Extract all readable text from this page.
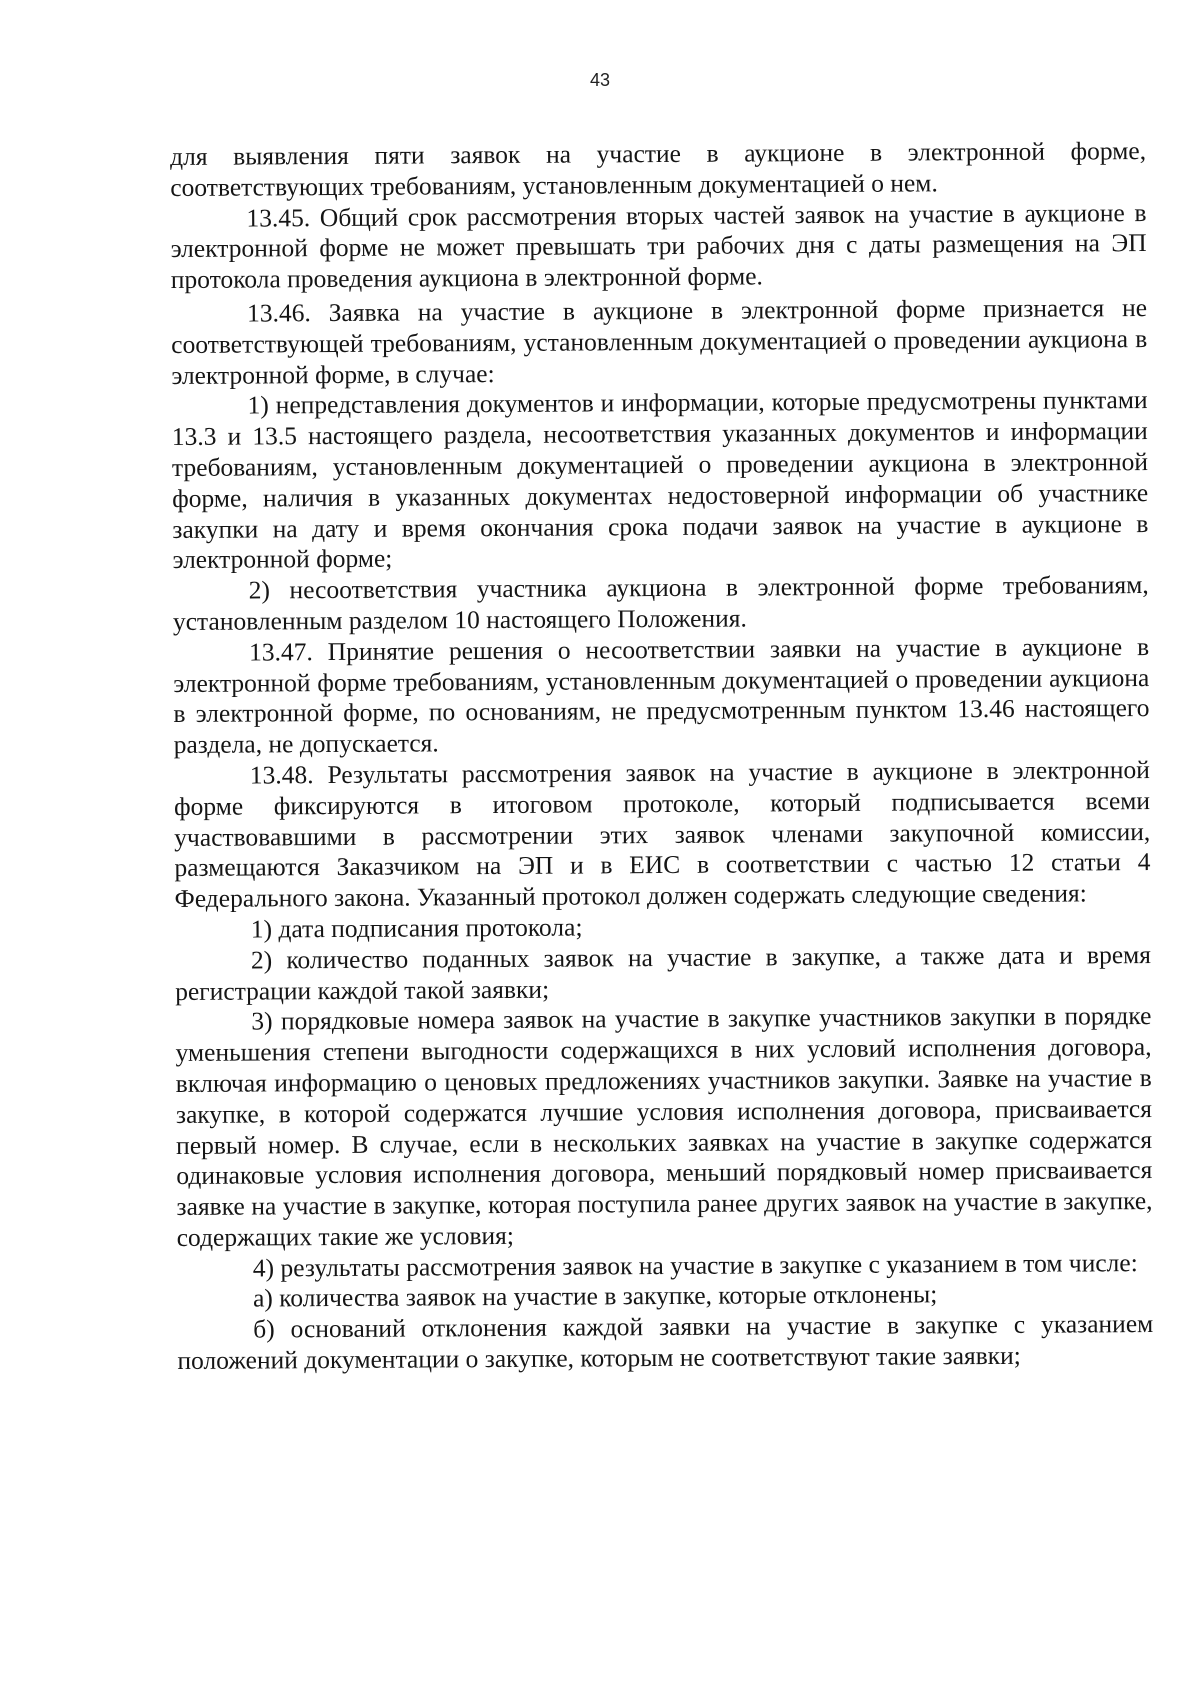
43

для выявления пяти заявок на участие в аукционе в электронной форме, соответствующих требованиям, установленным документацией о нем.

13.45. Общий срок рассмотрения вторых частей заявок на участие в аукционе в электронной форме не может превышать три рабочих дня с даты размещения на ЭП протокола проведения аукциона в электронной форме.

13.46. Заявка на участие в аукционе в электронной форме признается не соответствующей требованиям, установленным документацией о проведении аукциона в электронной форме, в случае:

1) непредставления документов и информации, которые предусмотрены пунктами 13.3 и 13.5 настоящего раздела, несоответствия указанных документов и информации требованиям, установленным документацией о проведении аукциона в электронной форме, наличия в указанных документах недостоверной информации об участнике закупки на дату и время окончания срока подачи заявок на участие в аукционе в электронной форме;

2) несоответствия участника аукциона в электронной форме требованиям, установленным разделом 10 настоящего Положения.

13.47. Принятие решения о несоответствии заявки на участие в аукционе в электронной форме требованиям, установленным документацией о проведении аукциона в электронной форме, по основаниям, не предусмотренным пунктом 13.46 настоящего раздела, не допускается.

13.48. Результаты рассмотрения заявок на участие в аукционе в электронной форме фиксируются в итоговом протоколе, который подписывается всеми участвовавшими в рассмотрении этих заявок членами закупочной комиссии, размещаются Заказчиком на ЭП и в ЕИС в соответствии с частью 12 статьи 4 Федерального закона. Указанный протокол должен содержать следующие сведения:

1) дата подписания протокола;

2) количество поданных заявок на участие в закупке, а также дата и время регистрации каждой такой заявки;

3) порядковые номера заявок на участие в закупке участников закупки в порядке уменьшения степени выгодности содержащихся в них условий исполнения договора, включая информацию о ценовых предложениях участников закупки. Заявке на участие в закупке, в которой содержатся лучшие условия исполнения договора, присваивается первый номер. В случае, если в нескольких заявках на участие в закупке содержатся одинаковые условия исполнения договора, меньший порядковый номер присваивается заявке на участие в закупке, которая поступила ранее других заявок на участие в закупке, содержащих такие же условия;

4) результаты рассмотрения заявок на участие в закупке с указанием в том числе:

а) количества заявок на участие в закупке, которые отклонены;

б) оснований отклонения каждой заявки на участие в закупке с указанием положений документации о закупке, которым не соответствуют такие заявки;
